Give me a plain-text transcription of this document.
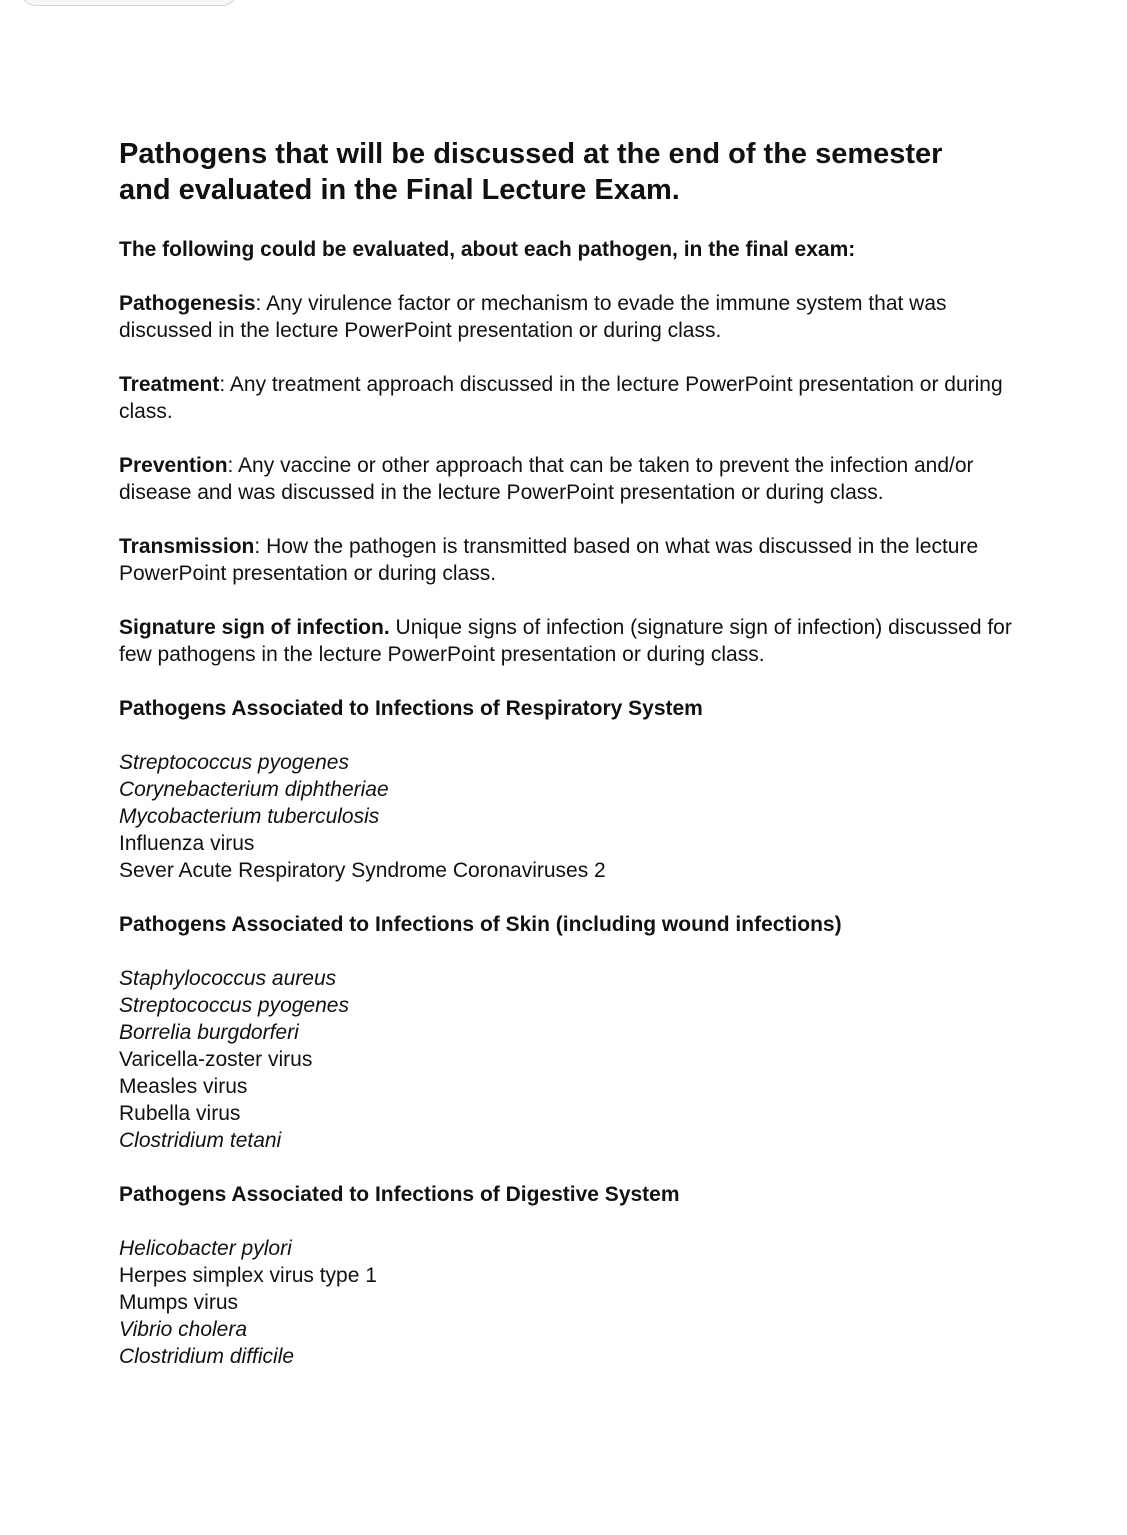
Pathogens that will be discussed at the end of the semester
and evaluated in the Final Lecture Exam.

The following could be evaluated, about each pathogen, in the final exam:

Pathogenesis: Any virulence factor or mechanism to evade the immune system that was discussed in the lecture PowerPoint presentation or during class.

Treatment: Any treatment approach discussed in the lecture PowerPoint presentation or during class.

Prevention: Any vaccine or other approach that can be taken to prevent the infection and/or disease and was discussed in the lecture PowerPoint presentation or during class.

Transmission: How the pathogen is transmitted based on what was discussed in the lecture PowerPoint presentation or during class.

Signature sign of infection. Unique signs of infection (signature sign of infection) discussed for few pathogens in the lecture PowerPoint presentation or during class.

Pathogens Associated to Infections of Respiratory System
Streptococcus pyogenes
Corynebacterium diphtheriae
Mycobacterium tuberculosis
Influenza virus
Sever Acute Respiratory Syndrome Coronaviruses 2
Pathogens Associated to Infections of Skin (including wound infections)
Staphylococcus aureus
Streptococcus pyogenes
Borrelia burgdorferi
Varicella-zoster virus
Measles virus
Rubella virus
Clostridium tetani
Pathogens Associated to Infections of Digestive System
Helicobacter pylori
Herpes simplex virus type 1
Mumps virus
Vibrio cholera
Clostridium difficile
